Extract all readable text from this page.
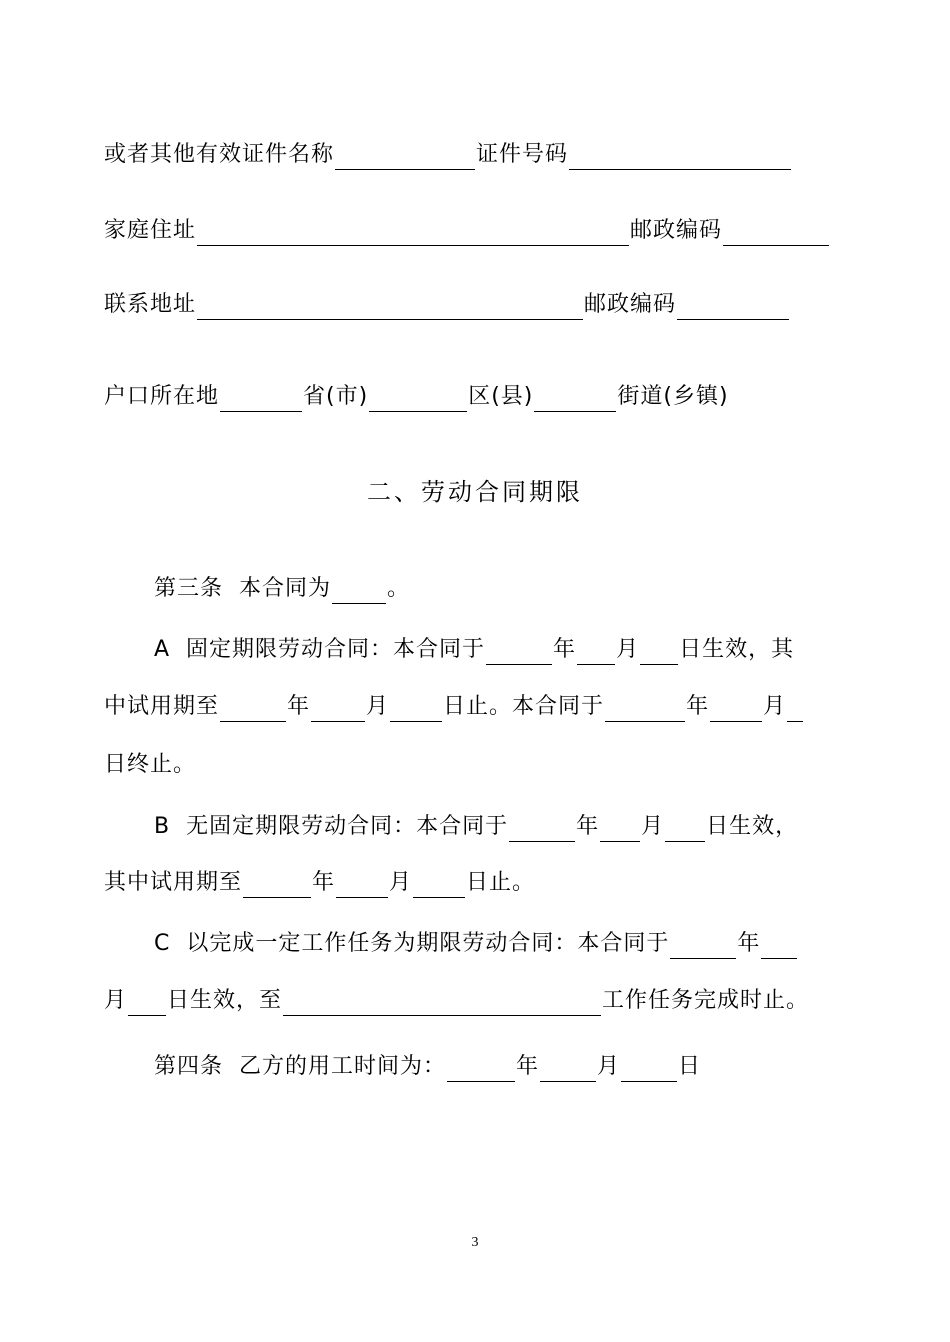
或者其他有效证件名称	证件号码
家庭住址	邮政编码
联系地址	邮政编码
户口所在地	省(市)	区(县)	街道(乡镇)
二、劳动合同期限
第三条  本合同为	。
A  固定期限劳动合同：本合同于	年 月 日生效，其
中试用期至	年	月 日止。本合同于	年 月
日终止。
B  无固定期限劳动合同：本合同于	年 月 日生效，
其中试用期至	年 月 日止。
C  以完成一定工作任务为期限劳动合同：本合同于	年
月 日生效，至	工作任务完成时止。
第四条  乙方的用工时间为：	年	月	日
3
